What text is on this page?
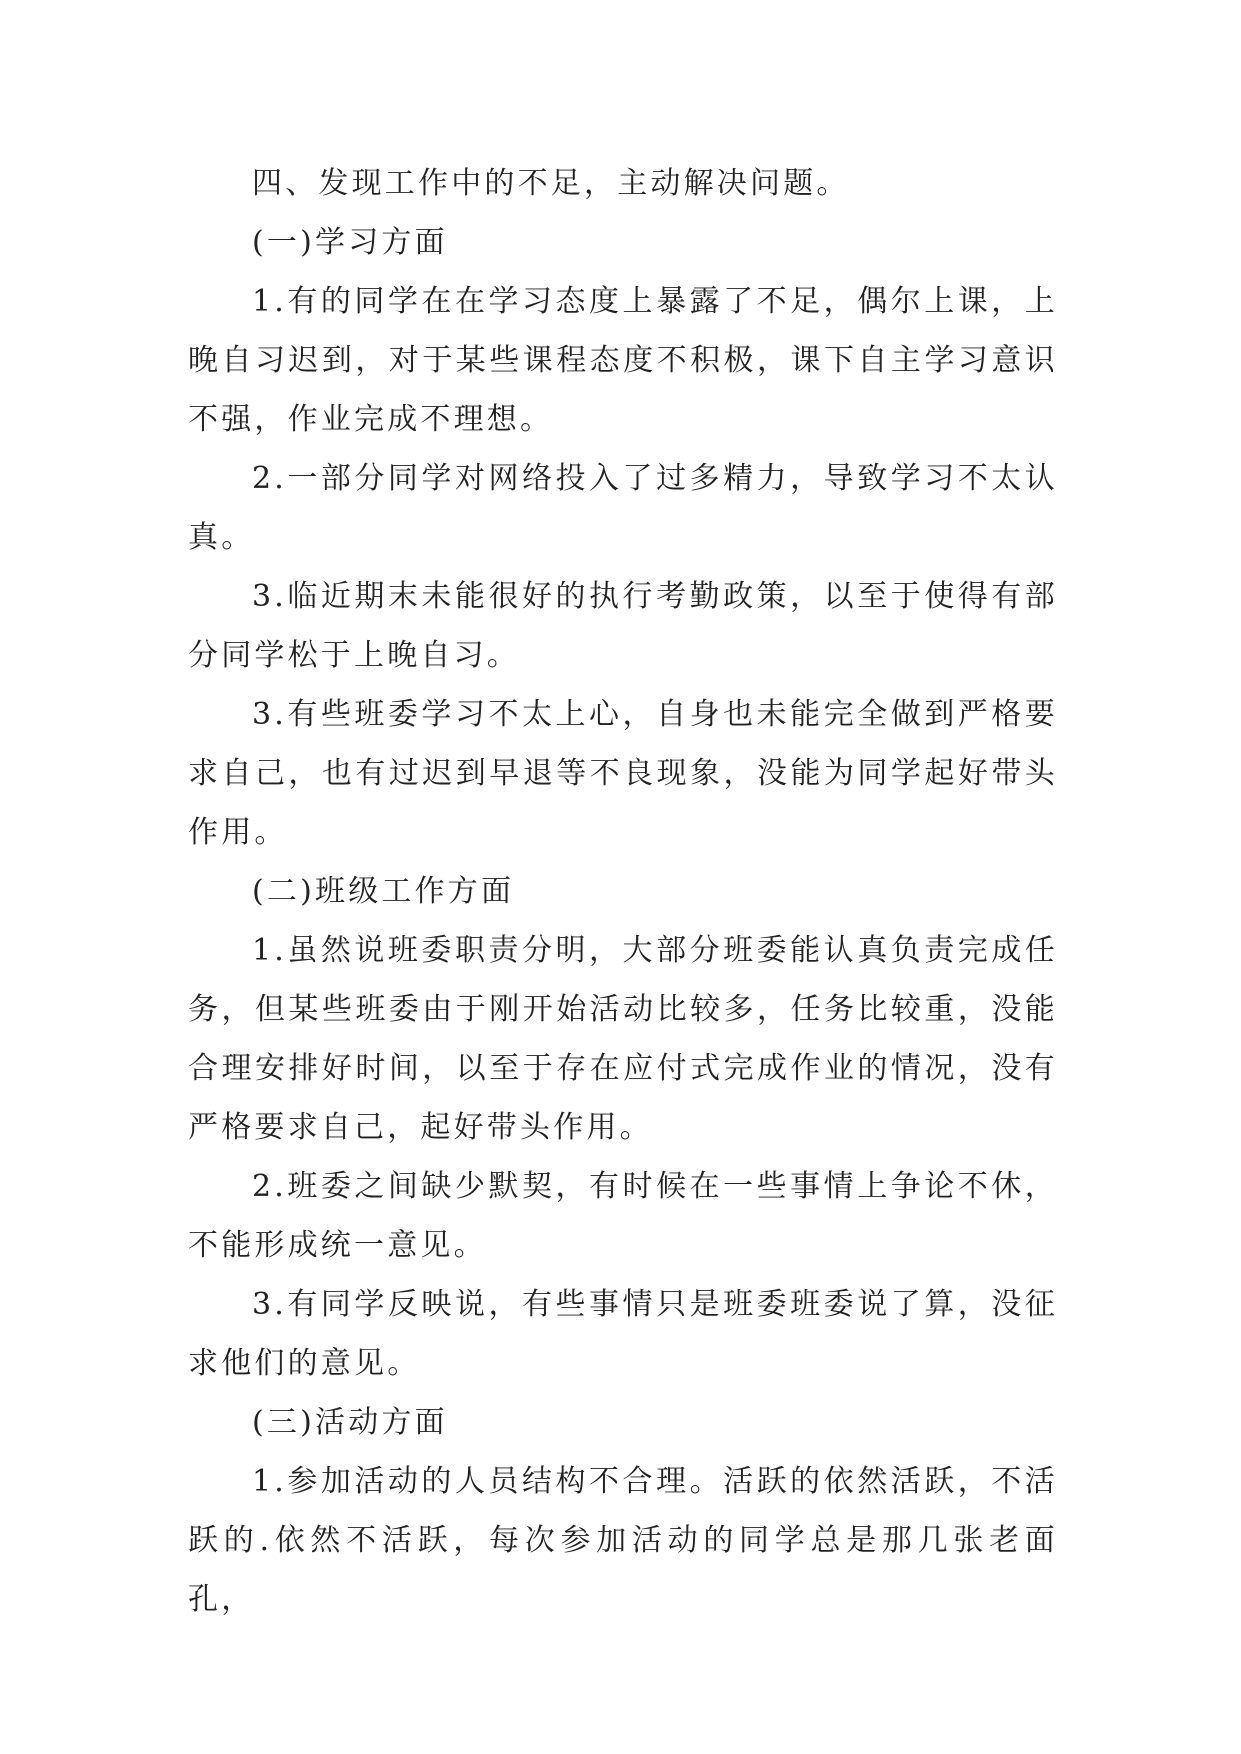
四、发现工作中的不足，主动解决问题。

(一)学习方面

1.有的同学在在学习态度上暴露了不足，偶尔上课，上晚自习迟到，对于某些课程态度不积极，课下自主学习意识不强，作业完成不理想。

2.一部分同学对网络投入了过多精力，导致学习不太认真。

3.临近期末未能很好的执行考勤政策，以至于使得有部分同学松于上晚自习。

3.有些班委学习不太上心，自身也未能完全做到严格要求自己，也有过迟到早退等不良现象，没能为同学起好带头作用。

(二)班级工作方面

1.虽然说班委职责分明，大部分班委能认真负责完成任务，但某些班委由于刚开始活动比较多，任务比较重，没能合理安排好时间，以至于存在应付式完成作业的情况，没有严格要求自己，起好带头作用。

2.班委之间缺少默契，有时候在一些事情上争论不休，不能形成统一意见。

3.有同学反映说，有些事情只是班委班委说了算，没征求他们的意见。

(三)活动方面

1.参加活动的人员结构不合理。活跃的依然活跃，不活跃的.依然不活跃，每次参加活动的同学总是那几张老面孔，
